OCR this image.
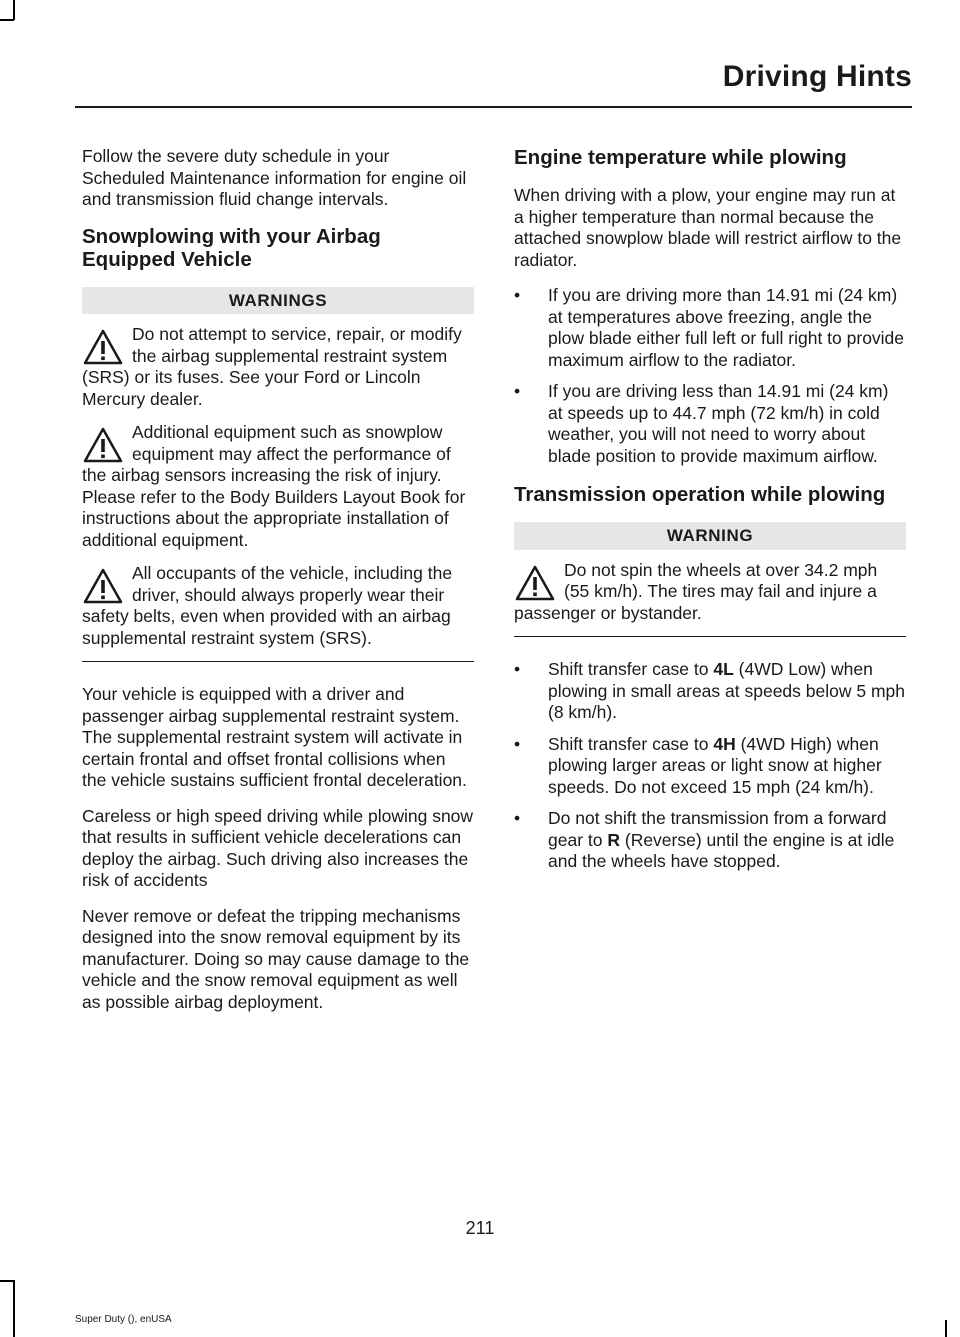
Driving Hints

Follow the severe duty schedule in your Scheduled Maintenance information for engine oil and transmission fluid change intervals.

Snowplowing with your Airbag Equipped Vehicle
WARNINGS

Do not attempt to service, repair, or modify the airbag supplemental restraint system (SRS) or its fuses. See your Ford or Lincoln Mercury dealer.

Additional equipment such as snowplow equipment may affect the performance of the airbag sensors increasing the risk of injury. Please refer to the Body Builders Layout Book for instructions about the appropriate installation of additional equipment.

All occupants of the vehicle, including the driver, should always properly wear their safety belts, even when provided with an airbag supplemental restraint system (SRS).

Your vehicle is equipped with a driver and passenger airbag supplemental restraint system. The supplemental restraint system will activate in certain frontal and offset frontal collisions when the vehicle sustains sufficient frontal deceleration.

Careless or high speed driving while plowing snow that results in sufficient vehicle decelerations can deploy the airbag. Such driving also increases the risk of accidents

Never remove or defeat the tripping mechanisms designed into the snow removal equipment by its manufacturer. Doing so may cause damage to the vehicle and the snow removal equipment as well as possible airbag deployment.

Engine temperature while plowing

When driving with a plow, your engine may run at a higher temperature than normal because the attached snowplow blade will restrict airflow to the radiator.

• If you are driving more than 14.91 mi (24 km) at temperatures above freezing, angle the plow blade either full left or full right to provide maximum airflow to the radiator.
• If you are driving less than 14.91 mi (24 km) at speeds up to 44.7 mph (72 km/h) in cold weather, you will not need to worry about blade position to provide maximum airflow.
Transmission operation while plowing
WARNING

Do not spin the wheels at over 34.2 mph (55 km/h). The tires may fail and injure a passenger or bystander.

• Shift transfer case to 4L (4WD Low) when plowing in small areas at speeds below 5 mph (8 km/h).
• Shift transfer case to 4H (4WD High) when plowing larger areas or light snow at higher speeds. Do not exceed 15 mph (24 km/h).
• Do not shift the transmission from a forward gear to R (Reverse) until the engine is at idle and the wheels have stopped.
211
Super Duty (), enUSA
